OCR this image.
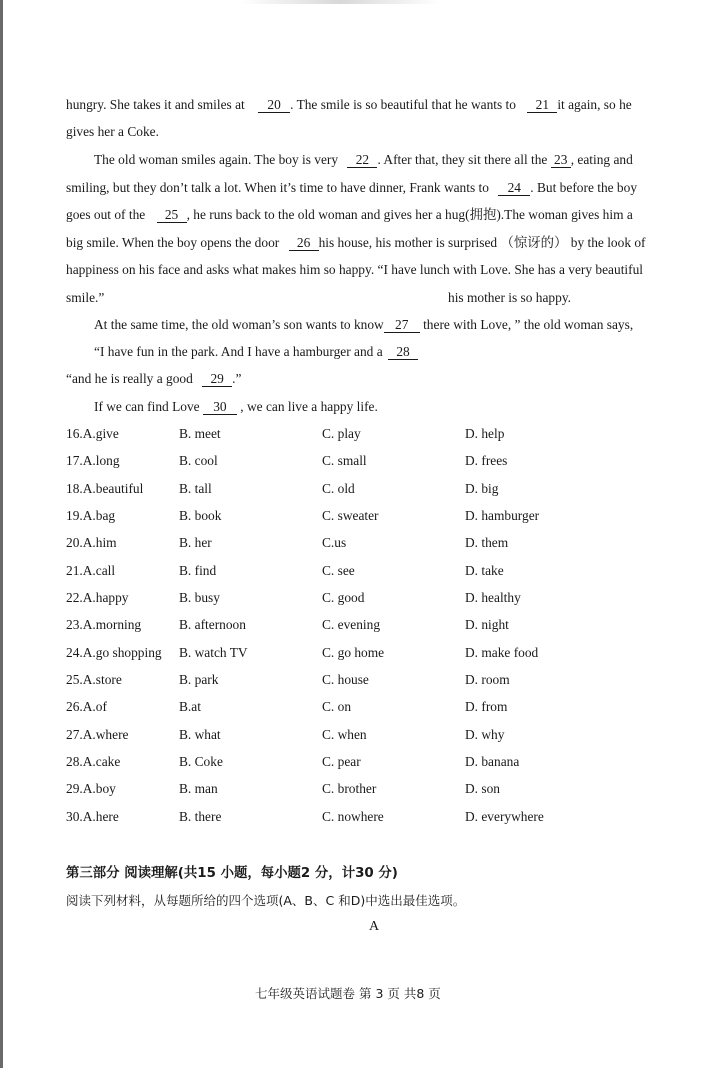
hungry. She takes it and smiles at 20 . The smile is so beautiful that he wants to 21 it again, so he
gives her a Coke.
The old woman smiles again. The boy is very 22 . After that, they sit there all the 23 , eating and
smiling, but they don’t talk a lot. When it’s time to have dinner, Frank wants to 24 . But before the boy
goes out of the 25 , he runs back to the old woman and gives her a hug(拥抱).The woman gives him a
big smile. When the boy opens the door 26 his house, his mother is surprised （惊讶的） by the look of
happiness on his face and asks what makes him so happy. “I have lunch with Love. She has a very beautiful
smile.”	his mother is so happy.
At the same time, the old woman’s son wants to know 27 there with Love, ” the old woman says,
“I have fun in the park. And I have a hamburger and a 28
“and he is really a good 29 .”
If we can find Love 30 , we can live a happy life.
16.A.give	B. meet	C. play	D. help
17.A.long	B. cool	C. small	D. frees
18.A.beautiful	B. tall	C. old	D. big
19.A.bag	B. book	C. sweater	D. hamburger
20.A.him	B. her	C.us	D. them
21.A.call	B. find	C. see	D. take
22.A.happy	B. busy	C. good	D. healthy
23.A.morning	B. afternoon	C. evening	D. night
24.A.go shopping B. watch TV	C. go home	D. make food
25.A.store	B. park	C. house	D. room
26.A.of	B.at	C. on	D. from
27.A.where	B. what	C. when	D. why
28.A.cake	B. Coke	C. pear	D. banana
29.A.boy	B. man	C. brother	D. son
30.A.here	B. there	C. nowhere	D. everywhere
第三部分 阅读理解(共15 小题，每小题2 分，计30 分)
阅读下列材料，从每题所给的四个选项(A、B、C 和D)中选出最佳选项。
A
七年级英语试题卷 第 3 页 共8 页
